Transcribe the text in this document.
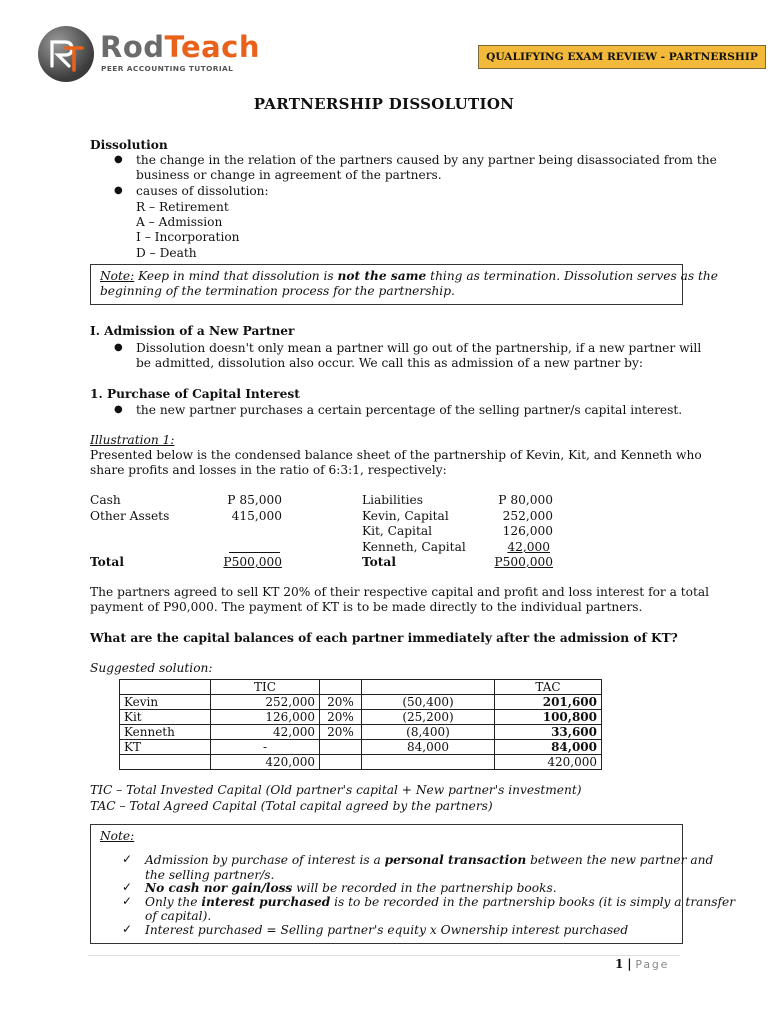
RodTeach
PEER ACCOUNTING TUTORIAL
QUALIFYING EXAM REVIEW - PARTNERSHIP
PARTNERSHIP DISSOLUTION
Dissolution
● the change in the relation of the partners caused by any partner being disassociated from the
business or change in agreement of the partners.
● causes of dissolution:
R – Retirement
A – Admission
I – Incorporation
D – Death
Note: Keep in mind that dissolution is not the same thing as termination. Dissolution serves as the
beginning of the termination process for the partnership.
I. Admission of a New Partner
● Dissolution doesn't only mean a partner will go out of the partnership, if a new partner will
be admitted, dissolution also occur. We call this as admission of a new partner by:
1. Purchase of Capital Interest
● the new partner purchases a certain percentage of the selling partner/s capital interest.
Illustration 1:
Presented below is the condensed balance sheet of the partnership of Kevin, Kit, and Kenneth who
share profits and losses in the ratio of 6:3:1, respectively:
Cash	P 85,000
Other Assets	415,000
Total	P500,000
Liabilities	P 80,000
Kevin, Capital	252,000
Kit, Capital	126,000
Kenneth, Capital	42,000
Total	P500,000
The partners agreed to sell KT 20% of their respective capital and profit and loss interest for a total
payment of P90,000. The payment of KT is to be made directly to the individual partners.
What are the capital balances of each partner immediately after the admission of KT?
Suggested solution:
	TIC			TAC
Kevin	252,000	20%	(50,400)	201,600
Kit	126,000	20%	(25,200)	100,800
Kenneth	42,000	20%	(8,400)	33,600
KT	-		84,000	84,000
	420,000			420,000
TIC – Total Invested Capital (Old partner's capital + New partner's investment)
TAC – Total Agreed Capital (Total capital agreed by the partners)
Note:
✓ Admission by purchase of interest is a personal transaction between the new partner and
the selling partner/s.
✓ No cash nor gain/loss will be recorded in the partnership books.
✓ Only the interest purchased is to be recorded in the partnership books (it is simply a transfer
of capital).
✓ Interest purchased = Selling partner's equity x Ownership interest purchased
1 | Page
